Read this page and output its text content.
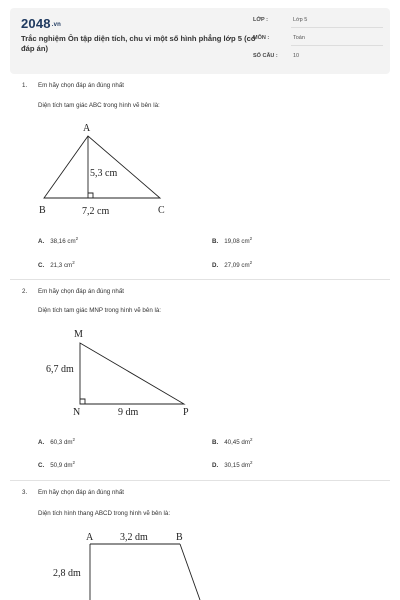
2048.vn
Trắc nghiệm Ôn tập diện tích, chu vi một số hình phẳng lớp 5 (có đáp án)
LỚP :	Lớp 5
MÔN :	Toán
SỐ CÂU :	10
1. Em hãy chọn đáp án đúng nhất
Diện tích tam giác ABC trong hình vẽ bên là:
A
B	C
5,3 cm
7,2 cm
M
N	P
6,7 dm
9 dm
A	B
3,2 dm
2,8 dm
A. 38,16 $cm^2$	B. 19,08 $cm^2$
C. 21,3 $cm^2$	D. 27,09 $cm^2$
2. Em hãy chọn đáp án đúng nhất
Diện tích tam giác MNP trong hình vẽ bên là:
A. 60,3 $dm^2$	B. 40,45 $dm^2$
C. 50,9 $dm^2$	D. 30,15 $dm^2$
3. Em hãy chọn đáp án đúng nhất
Diện tích hình thang ABCD trong hình vẽ bên là:
